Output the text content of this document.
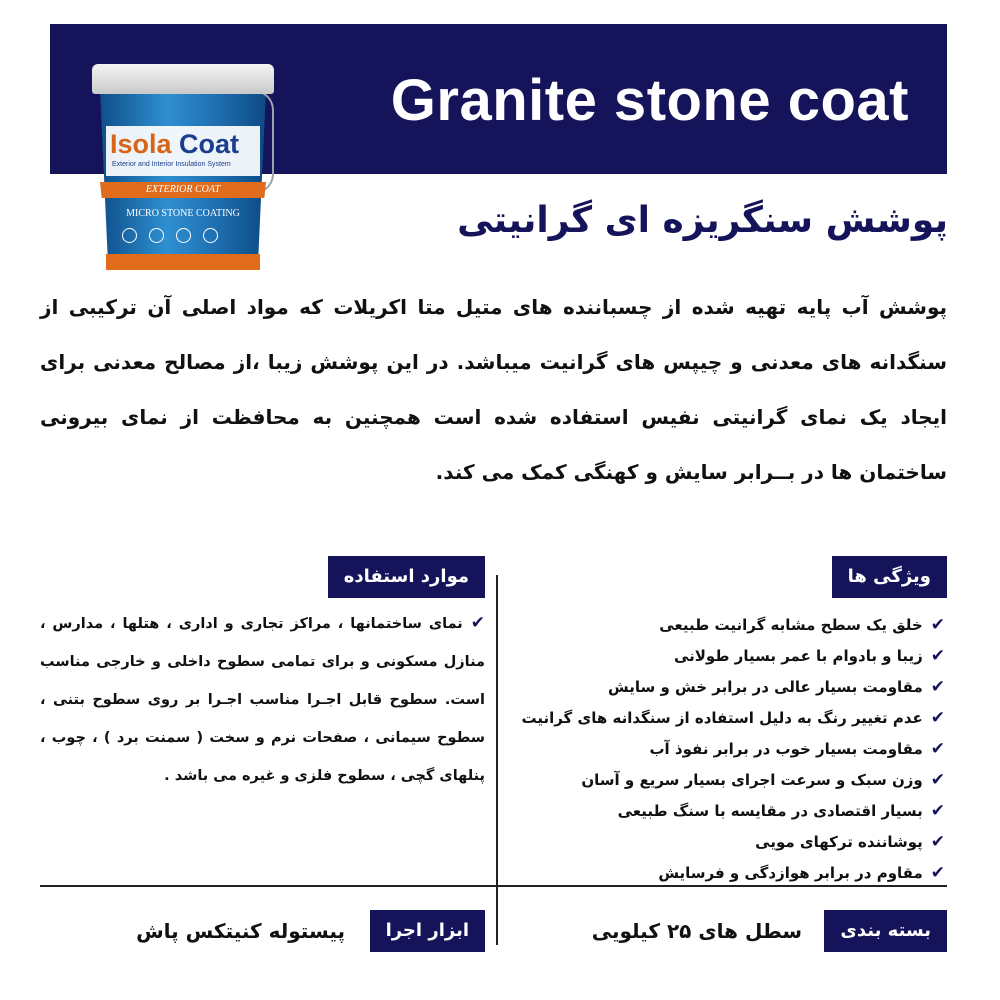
Granite stone coat
Isola Coat
Exterior and Interior Insulation System
EXTERIOR COAT
MICRO STONE COATING	پوشش سنگریزه ای گرانیتی
پوشش آب پایه تهیه شده از چسباننده های متیل متا اکریلات که مواد اصلی آن ترکیبی از سنگدانه های معدنی و چیپس های گرانیت میباشد. در این پوشش زیبا ،از مصالح معدنی برای ایجاد یک نمای گرانیتی نفیس استفاده شده است همچنین به محافظت از نمای بیرونی ساختمان ها در بــرابر سایش و کهنگی کمک می کند.
ویژگی ها
✔خلق یک سطح مشابه گرانیت طبیعی
✔زیبا و بادوام با عمر بسیار طولانی
✔مقاومت بسیار عالی در برابر خش و سایش
✔عدم تغییر رنگ به دلیل استفاده از سنگدانه های گرانیت
✔مقاومت بسیار خوب در برابر نفوذ آب
✔وزن سبک و سرعت اجرای بسیار سریع و آسان
✔بسیار اقتصادی در مقایسه با سنگ طبیعی
✔پوشاننده ترکهای مویی
✔مقاوم در برابر هوازدگی و فرسایش
موارد استفاده
✔نمای ساختمانها ، مراکز تجاری و اداری ، هتلها ، مدارس ، منازل مسکونی و برای تمامی سطوح داخلی و خارجی مناسب است. سطوح قابل اجـرا مناسب اجـرا بر روی سطوح بتنی ، سطوح سیمانی ، صفحات نرم و سخت ( سمنت برد ) ، چوب ، پنلهای گچی ، سطوح فلزی و غیره می باشد .
بسته بندی
سطل های ۲۵ کیلویی
ابزار اجرا
پیستوله کنیتکس پاش
